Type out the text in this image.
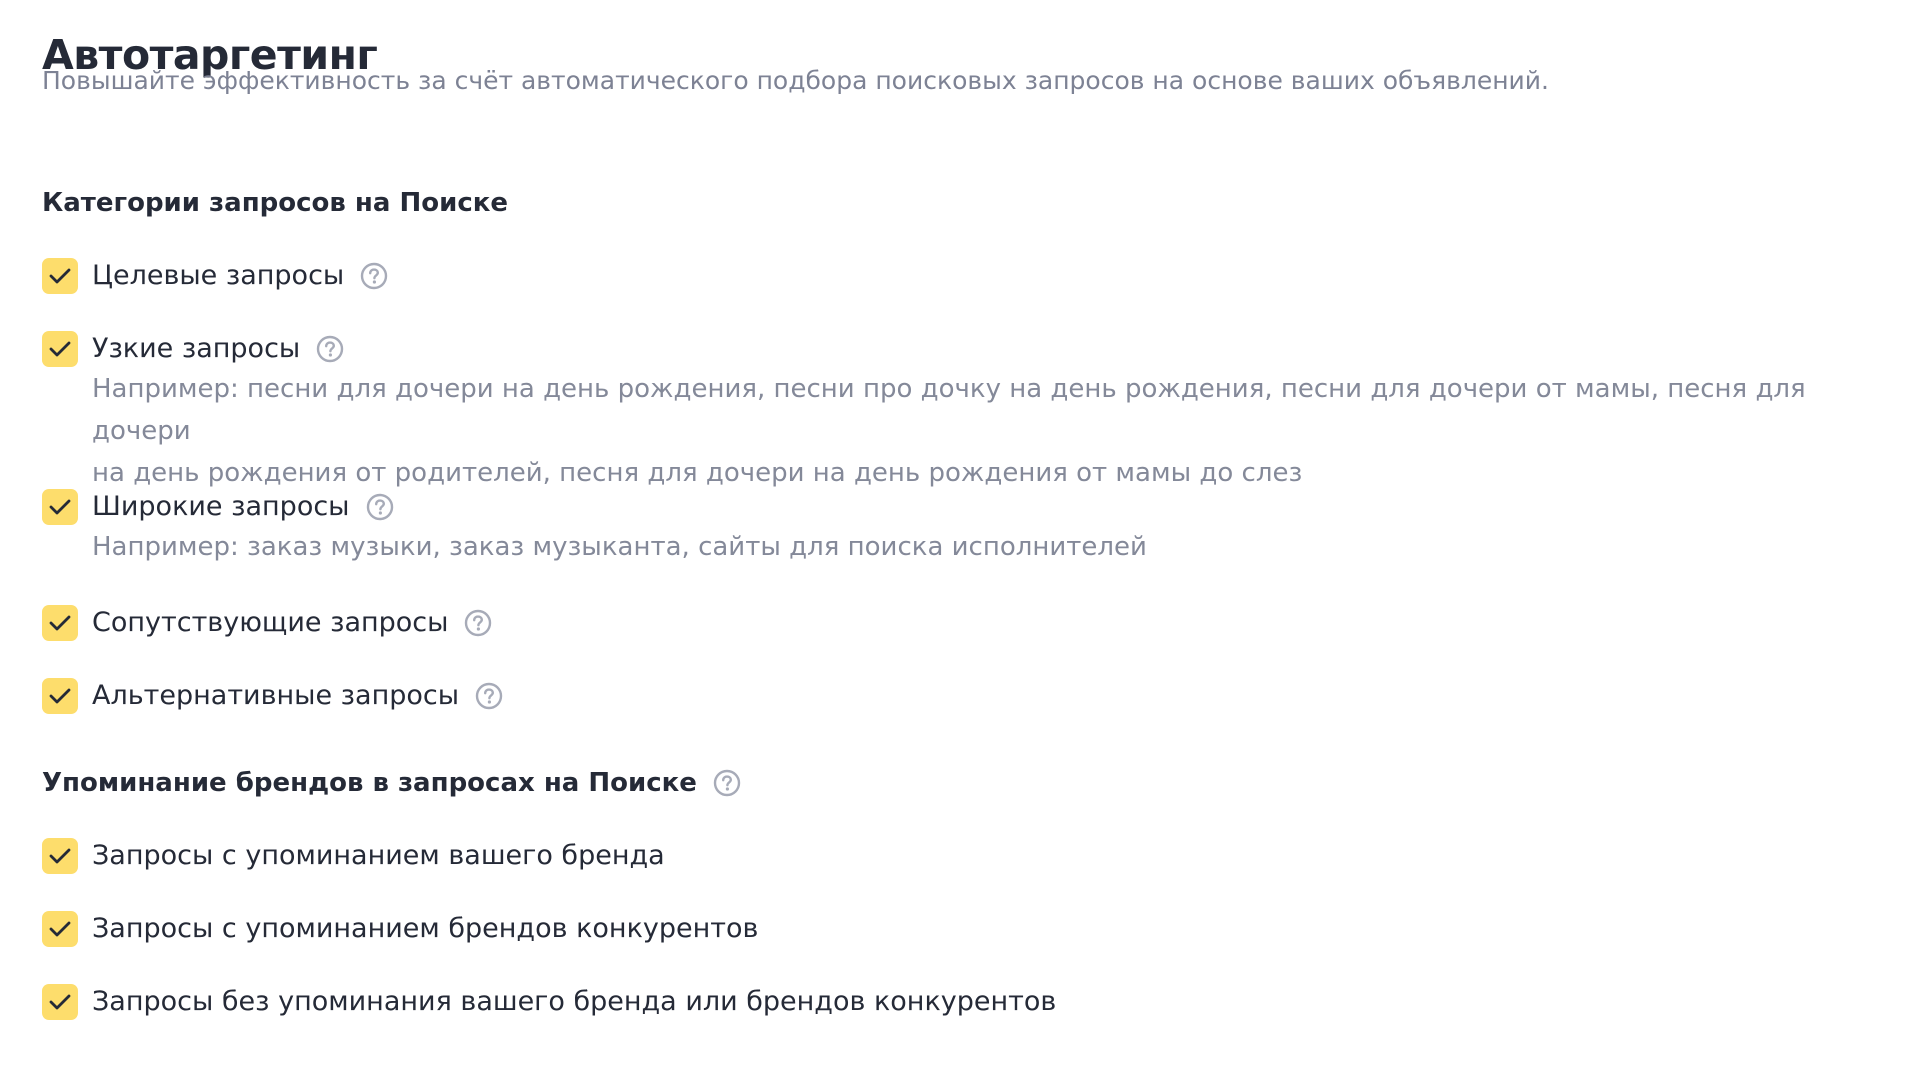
Автотаргетинг

Повышайте эффективность за счёт автоматического подбора поисковых запросов на основе ваших объявлений.

Категории запросов на Поиске
Целевые запросы
Узкие запросы
Например: песни для дочери на день рождения, песни про дочку на день рождения, песни для дочери от мамы, песня для дочери
на день рождения от родителей, песня для дочери на день рождения от мамы до слез
Широкие запросы
Например: заказ музыки, заказ музыканта, сайты для поиска исполнителей
Сопутствующие запросы
Альтернативные запросы
Упоминание брендов в запросах на Поиске
Запросы с упоминанием вашего бренда
Запросы с упоминанием брендов конкурентов
Запросы без упоминания вашего бренда или брендов конкурентов
